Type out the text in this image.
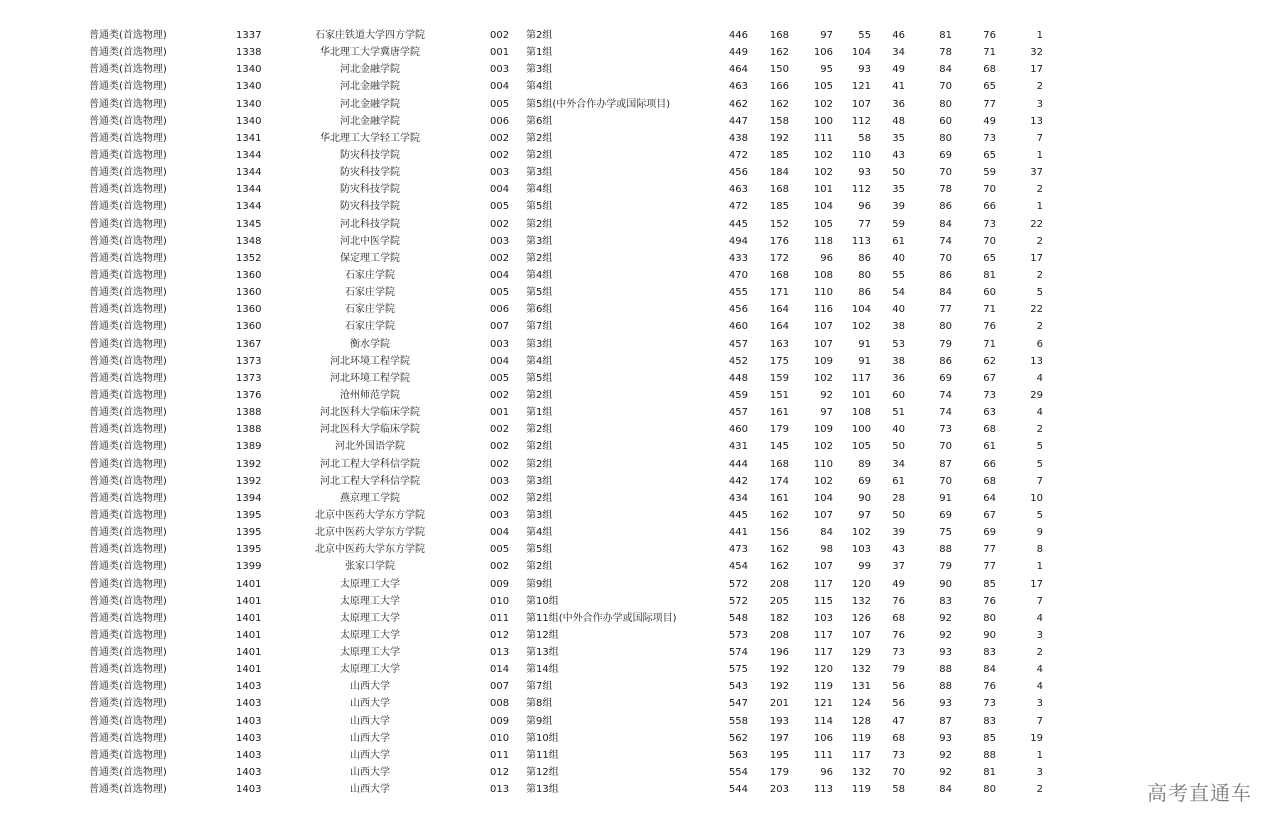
普通类(首选物理)	1337	石家庄铁道大学四方学院	002 第2组	446	168	97	55	46	81	76	1
普通类(首选物理)	1338	华北理工大学冀唐学院	001 第1组	449	162	106	104	34	78	71	32
普通类(首选物理)	1340	河北金融学院	003 第3组	464	150	95	93	49	84	68	17
普通类(首选物理)	1340	河北金融学院	004 第4组	463	166	105	121	41	70	65	2
普通类(首选物理)	1340	河北金融学院	005 第5组(中外合作办学或国际项目)	462	162	102	107	36	80	77	3
普通类(首选物理)	1340	河北金融学院	006 第6组	447	158	100	112	48	60	49	13
普通类(首选物理)	1341	华北理工大学轻工学院	002 第2组	438	192	111	58	35	80	73	7
普通类(首选物理)	1344	防灾科技学院	002 第2组	472	185	102	110	43	69	65	1
普通类(首选物理)	1344	防灾科技学院	003 第3组	456	184	102	93	50	70	59	37
普通类(首选物理)	1344	防灾科技学院	004 第4组	463	168	101	112	35	78	70	2
普通类(首选物理)	1344	防灾科技学院	005 第5组	472	185	104	96	39	86	66	1
普通类(首选物理)	1345	河北科技学院	002 第2组	445	152	105	77	59	84	73	22
普通类(首选物理)	1348	河北中医学院	003 第3组	494	176	118	113	61	74	70	2
普通类(首选物理)	1352	保定理工学院	002 第2组	433	172	96	86	40	70	65	17
普通类(首选物理)	1360	石家庄学院	004 第4组	470	168	108	80	55	86	81	2
普通类(首选物理)	1360	石家庄学院	005 第5组	455	171	110	86	54	84	60	5
普通类(首选物理)	1360	石家庄学院	006 第6组	456	164	116	104	40	77	71	22
普通类(首选物理)	1360	石家庄学院	007 第7组	460	164	107	102	38	80	76	2
普通类(首选物理)	1367	衡水学院	003 第3组	457	163	107	91	53	79	71	6
普通类(首选物理)	1373	河北环境工程学院	004 第4组	452	175	109	91	38	86	62	13
普通类(首选物理)	1373	河北环境工程学院	005 第5组	448	159	102	117	36	69	67	4
普通类(首选物理)	1376	沧州师范学院	002 第2组	459	151	92	101	60	74	73	29
普通类(首选物理)	1388	河北医科大学临床学院	001 第1组	457	161	97	108	51	74	63	4
普通类(首选物理)	1388	河北医科大学临床学院	002 第2组	460	179	109	100	40	73	68	2
普通类(首选物理)	1389	河北外国语学院	002 第2组	431	145	102	105	50	70	61	5
普通类(首选物理)	1392	河北工程大学科信学院	002 第2组	444	168	110	89	34	87	66	5
普通类(首选物理)	1392	河北工程大学科信学院	003 第3组	442	174	102	69	61	70	68	7
普通类(首选物理)	1394	燕京理工学院	002 第2组	434	161	104	90	28	91	64	10
普通类(首选物理)	1395	北京中医药大学东方学院	003 第3组	445	162	107	97	50	69	67	5
普通类(首选物理)	1395	北京中医药大学东方学院	004 第4组	441	156	84	102	39	75	69	9
普通类(首选物理)	1395	北京中医药大学东方学院	005 第5组	473	162	98	103	43	88	77	8
普通类(首选物理)	1399	张家口学院	002 第2组	454	162	107	99	37	79	77	1
普通类(首选物理)	1401	太原理工大学	009 第9组	572	208	117	120	49	90	85	17
普通类(首选物理)	1401	太原理工大学	010 第10组	572	205	115	132	76	83	76	7
普通类(首选物理)	1401	太原理工大学	011 第11组(中外合作办学或国际项目)	548	182	103	126	68	92	80	4
普通类(首选物理)	1401	太原理工大学	012 第12组	573	208	117	107	76	92	90	3
普通类(首选物理)	1401	太原理工大学	013 第13组	574	196	117	129	73	93	83	2
普通类(首选物理)	1401	太原理工大学	014 第14组	575	192	120	132	79	88	84	4
普通类(首选物理)	1403	山西大学	007 第7组	543	192	119	131	56	88	76	4
普通类(首选物理)	1403	山西大学	008 第8组	547	201	121	124	56	93	73	3
普通类(首选物理)	1403	山西大学	009 第9组	558	193	114	128	47	87	83	7
普通类(首选物理)	1403	山西大学	010 第10组	562	197	106	119	68	93	85	19
普通类(首选物理)	1403	山西大学	011 第11组	563	195	111	117	73	92	88	1
普通类(首选物理)	1403	山西大学	012 第12组	554	179	96	132	70	92	81	3
普通类(首选物理)	1403	山西大学	013 第13组	544	203	113	119	58	84	80	2	高考直通车
